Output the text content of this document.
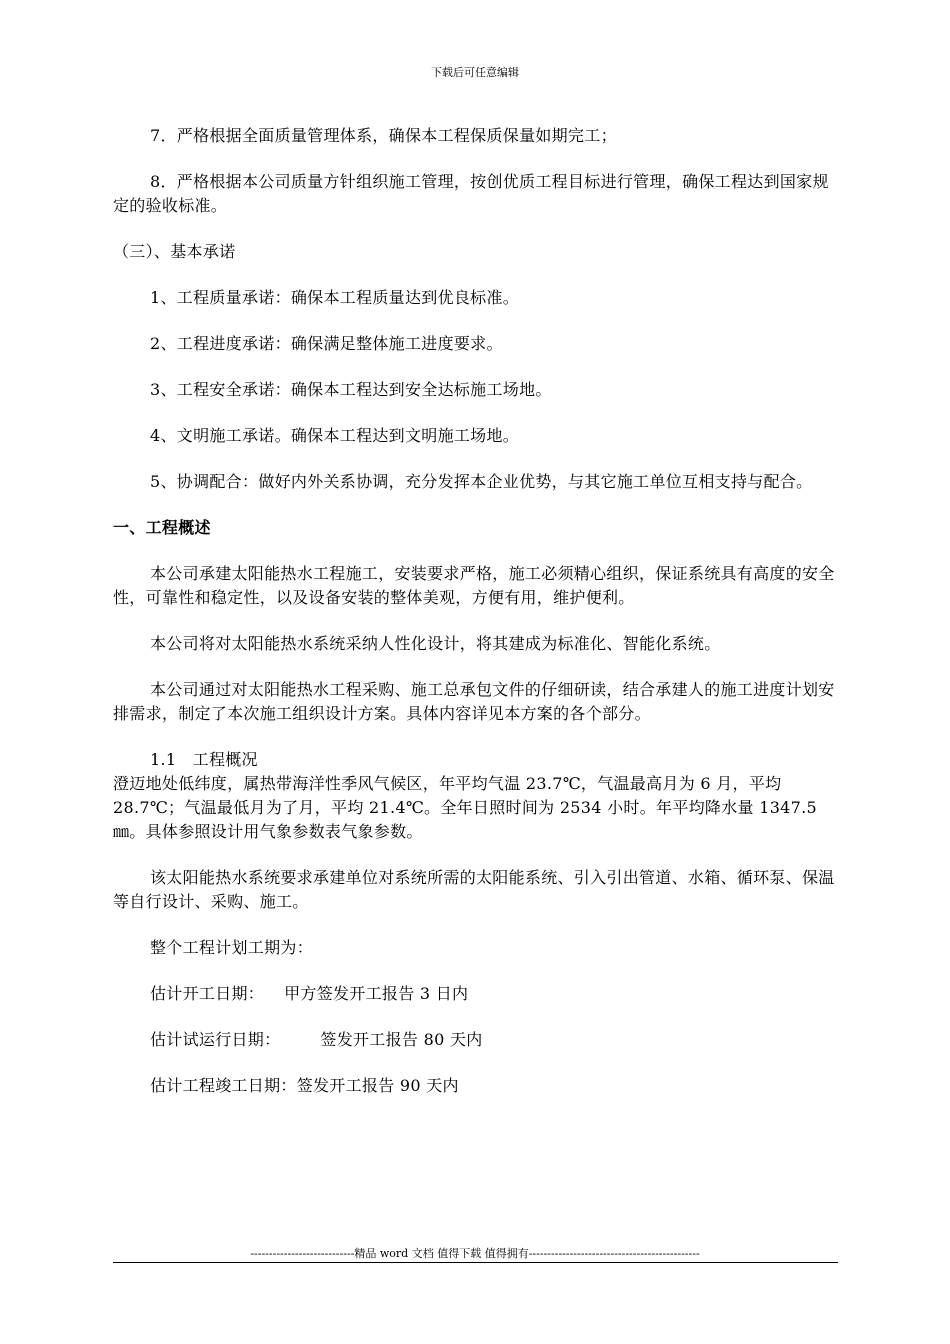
下载后可任意编辑

7．严格根据全面质量管理体系，确保本工程保质保量如期完工；

8．严格根据本公司质量方针组织施工管理，按创优质工程目标进行管理，确保工程达到国家规定的验收标准。

（三）、基本承诺

1、工程质量承诺：确保本工程质量达到优良标准。

2、工程进度承诺：确保满足整体施工进度要求。

3、工程安全承诺：确保本工程达到安全达标施工场地。

4、文明施工承诺。确保本工程达到文明施工场地。

5、协调配合：做好内外关系协调，充分发挥本企业优势，与其它施工单位互相支持与配合。

一、工程概述

本公司承建太阳能热水工程施工，安装要求严格，施工必须精心组织，保证系统具有高度的安全性，可靠性和稳定性，以及设备安装的整体美观，方便有用，维护便利。

本公司将对太阳能热水系统采纳人性化设计，将其建成为标准化、智能化系统。

本公司通过对太阳能热水工程采购、施工总承包文件的仔细研读，结合承建人的施工进度计划安排需求，制定了本次施工组织设计方案。具体内容详见本方案的各个部分。

1.1　工程概况

澄迈地处低纬度，属热带海洋性季风气候区，年平均气温 23.7℃，气温最高月为 6 月，平均 28.7℃；气温最低月为了月，平均 21.4℃。全年日照时间为 2534 小时。年平均降水量 1347.5㎜。具体参照设计用气象参数表气象参数。

该太阳能热水系统要求承建单位对系统所需的太阳能系统、引入引出管道、水箱、循环泵、保温等自行设计、采购、施工。

整个工程计划工期为：

估计开工日期： 甲方签发开工报告 3 日内

估计试运行日期：	签发开工报告 80 天内

估计工程竣工日期：签发开工报告 90 天内

----------------------------精品 word 文档 值得下载 值得拥有----------------------------------------------
